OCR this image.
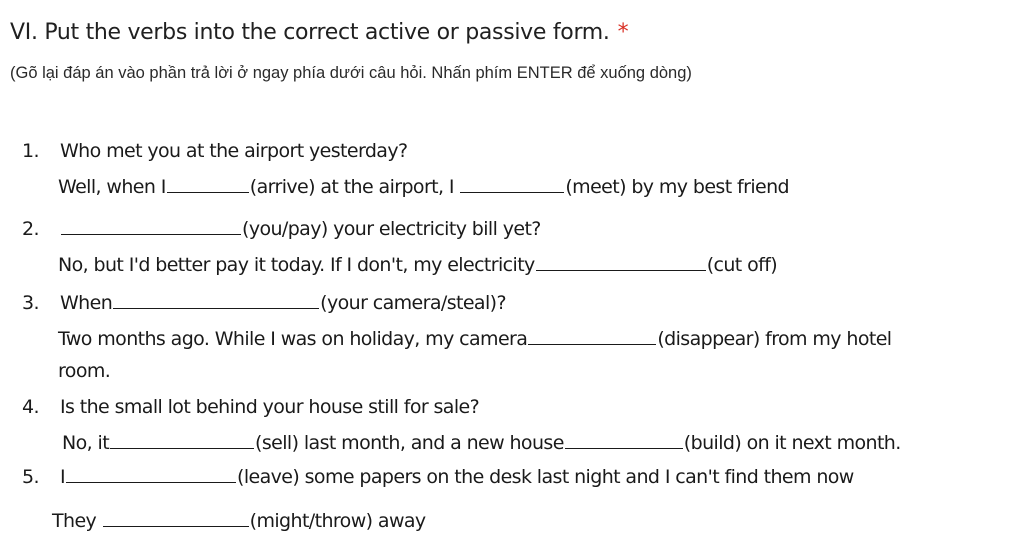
VI. Put the verbs into the correct active or passive form. *
(Gõ lại đáp án vào phần trả lời ở ngay phía dưới câu hỏi. Nhấn phím ENTER để xuống dòng)
1. Who met you at the airport yesterday?
Well, when I	(arrive) at the airport, I	(meet) by my best friend
2.	(you/pay) your electricity bill yet?
No, but I'd better pay it today. If I don't, my electricity	(cut off)
3. When	(your camera/steal)?
Two months ago. While I was on holiday, my camera	(disappear) from my hotel
room.
4. Is the small lot behind your house still for sale?
No, it	(sell) last month, and a new house	(build) on it next month.
5. I	(leave) some papers on the desk last night and I can't find them now
They	(might/throw) away
